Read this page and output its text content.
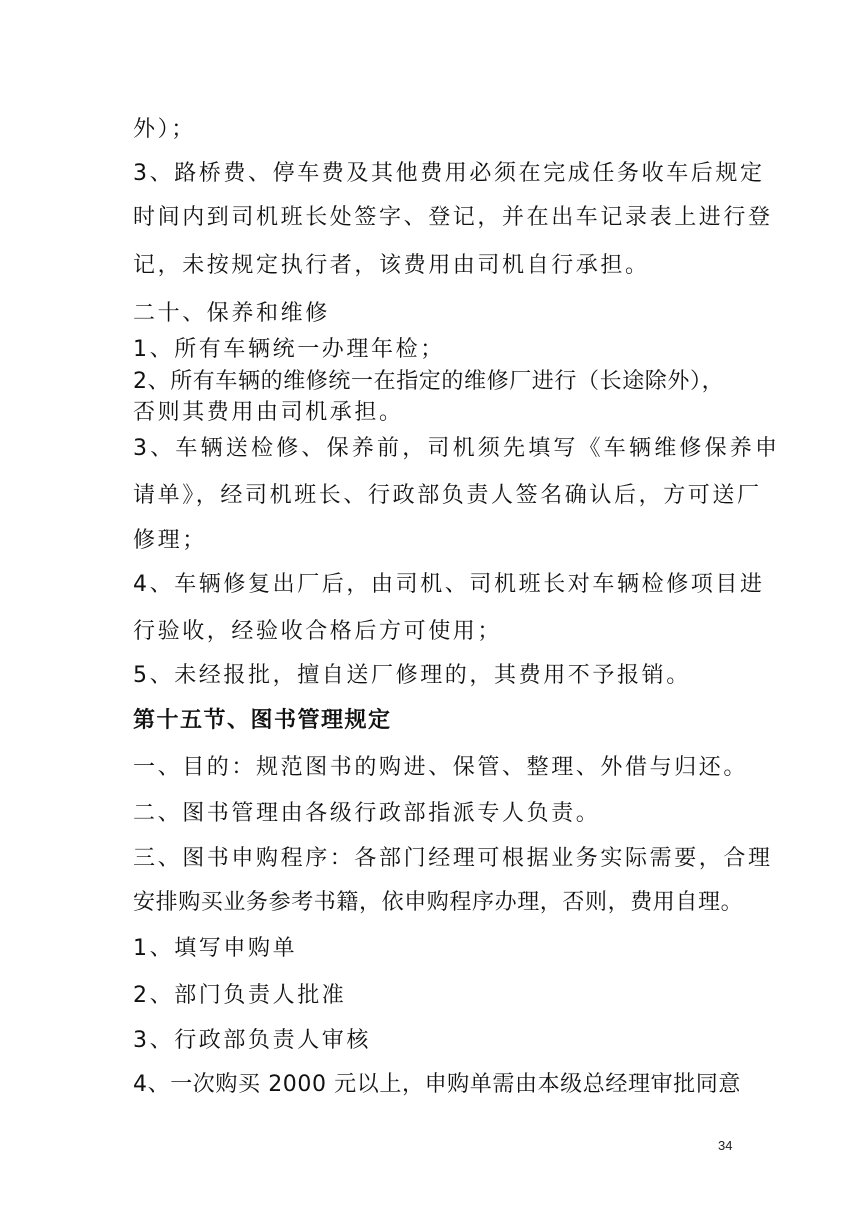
外）；
3、路桥费、停车费及其他费用必须在完成任务收车后规定
时间内到司机班长处签字、登记，并在出车记录表上进行登
记，未按规定执行者，该费用由司机自行承担。
二十、保养和维修
1、所有车辆统一办理年检；
2、所有车辆的维修统一在指定的维修厂进行（长途除外），
否则其费用由司机承担。
3、车辆送检修、保养前，司机须先填写《车辆维修保养申
请单》，经司机班长、行政部负责人签名确认后，方可送厂
修理；
4、车辆修复出厂后，由司机、司机班长对车辆检修项目进
行验收，经验收合格后方可使用；
5、未经报批，擅自送厂修理的，其费用不予报销。
第十五节、图书管理规定
一、目的：规范图书的购进、保管、整理、外借与归还。
二、图书管理由各级行政部指派专人负责。
三、图书申购程序：各部门经理可根据业务实际需要，合理
安排购买业务参考书籍，依申购程序办理，否则，费用自理。
1、填写申购单
2、部门负责人批准
3、行政部负责人审核
4、一次购买 2000 元以上，申购单需由本级总经理审批同意
34
